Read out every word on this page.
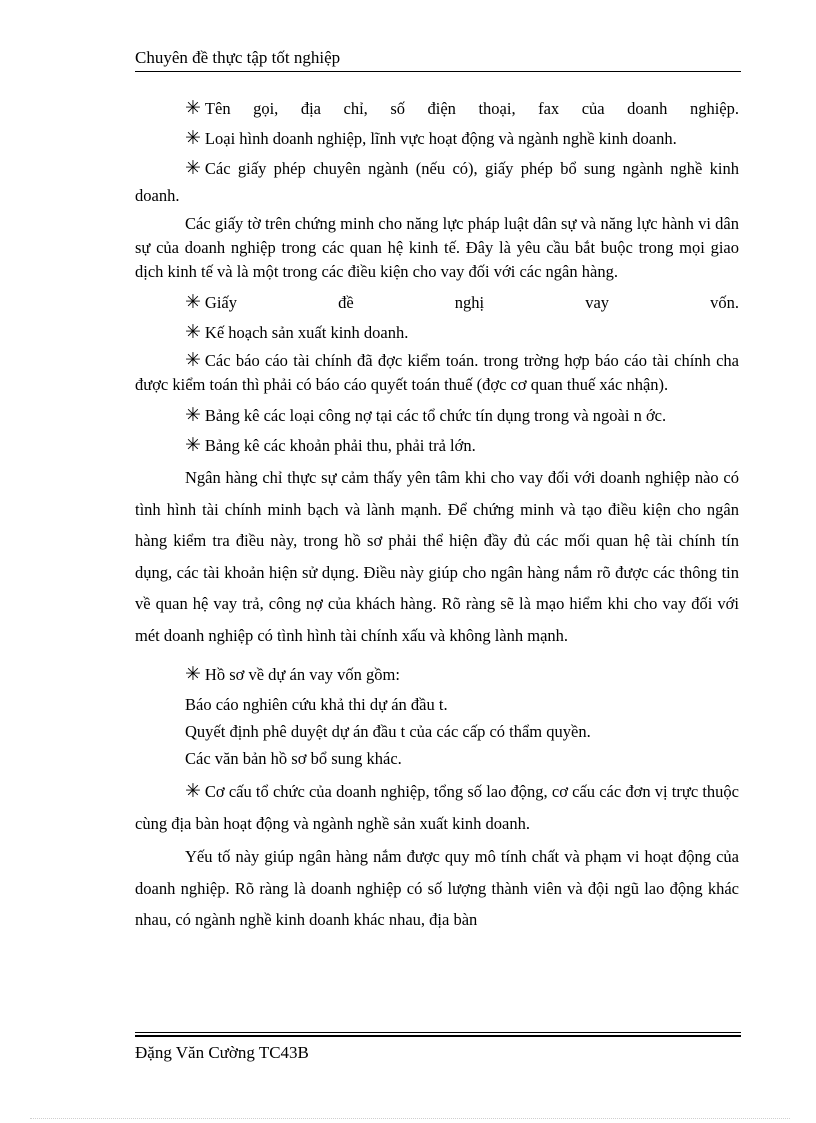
Chuyên đề thực tập tốt nghiệp

✳ Tên gọi, địa chỉ, số điện thoại, fax của doanh nghiệp.

✳ Loại hình doanh nghiệp, lĩnh vực hoạt động và ngành nghề kinh doanh.

✳ Các giấy phép chuyên ngành (nếu có), giấy phép bổ sung ngành nghề kinh doanh.

Các giấy tờ trên chứng minh cho năng lực pháp luật dân sự và năng lực hành vi dân sự của doanh nghiệp trong các quan hệ kinh tế. Đây là yêu cầu bắt buộc trong mọi giao dịch kinh tế và là một trong các điều kiện cho vay đối với các ngân hàng.

✳ Giấy đề nghị vay vốn.

✳ Kế hoạch sản xuất kinh doanh.

✳ Các báo cáo tài chính đã đợc kiểm toán. trong trờng hợp báo cáo tài chính cha được kiểm toán thì phải có báo cáo quyết toán thuế (đợc cơ quan thuế xác nhận).

✳ Bảng kê các loại công nợ tại các tổ chức tín dụng trong và ngoài n ớc.

✳ Bảng kê các khoản phải thu, phải trả lớn.

Ngân hàng chỉ thực sự cảm thấy yên tâm khi cho vay đối với doanh nghiệp nào có tình hình tài chính minh bạch và lành mạnh. Để chứng minh và tạo điều kiện cho ngân hàng kiểm tra điều này, trong hồ sơ phải thể hiện đầy đủ các mối quan hệ tài chính tín dụng, các tài khoản hiện sử dụng. Điều này giúp cho ngân hàng nắm rõ được các thông tin về quan hệ vay trả, công nợ của khách hàng. Rõ ràng sẽ là mạo hiểm khi cho vay đối với mét doanh nghiệp có tình hình tài chính xấu và không lành mạnh.

✳ Hồ sơ về dự án vay vốn gồm:

Báo cáo nghiên cứu khả thi dự án đầu t.

Quyết định phê duyệt dự án đầu t của các cấp có thẩm quyền.

Các văn bản hồ sơ bổ sung khác.

✳ Cơ cấu tổ chức của doanh nghiệp, tổng số lao động, cơ cấu các đơn vị trực thuộc cùng địa bàn hoạt động và ngành nghề sản xuất kinh doanh.

Yếu tố này giúp ngân hàng nắm được quy mô tính chất và phạm vi hoạt động của doanh nghiệp. Rõ ràng là doanh nghiệp có số lượng thành viên và đội ngũ lao động khác nhau, có ngành nghề kinh doanh khác nhau, địa bàn

Đặng Văn Cường TC43B
